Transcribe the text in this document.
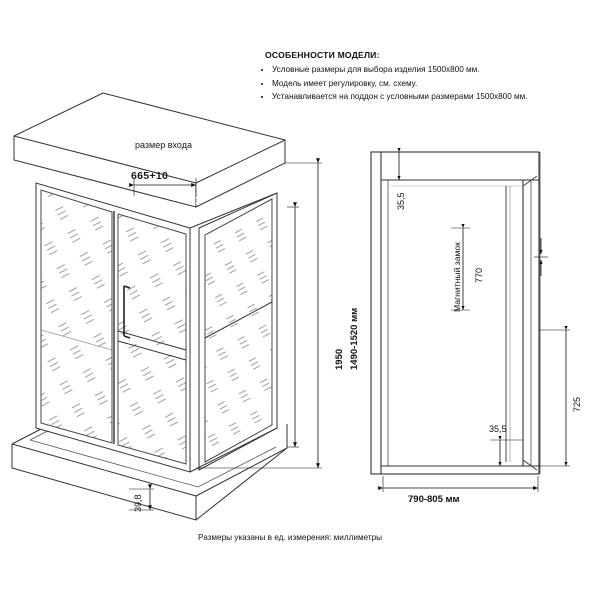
ОСОБЕННОСТИ МОДЕЛИ:
• Условные размеры для выбора изделия 1500х800 мм.
• Модель имеет регулировку, см. схему.
• Устанавливается на поддон с условными размерами 1500х800 мм.
размер входа
665+10
1950 1490-1520 мм
39,8
35,5
Магнитный замок 770
725
35,5
790-805 мм
Размеры указаны в ед. измерения: миллиметры
